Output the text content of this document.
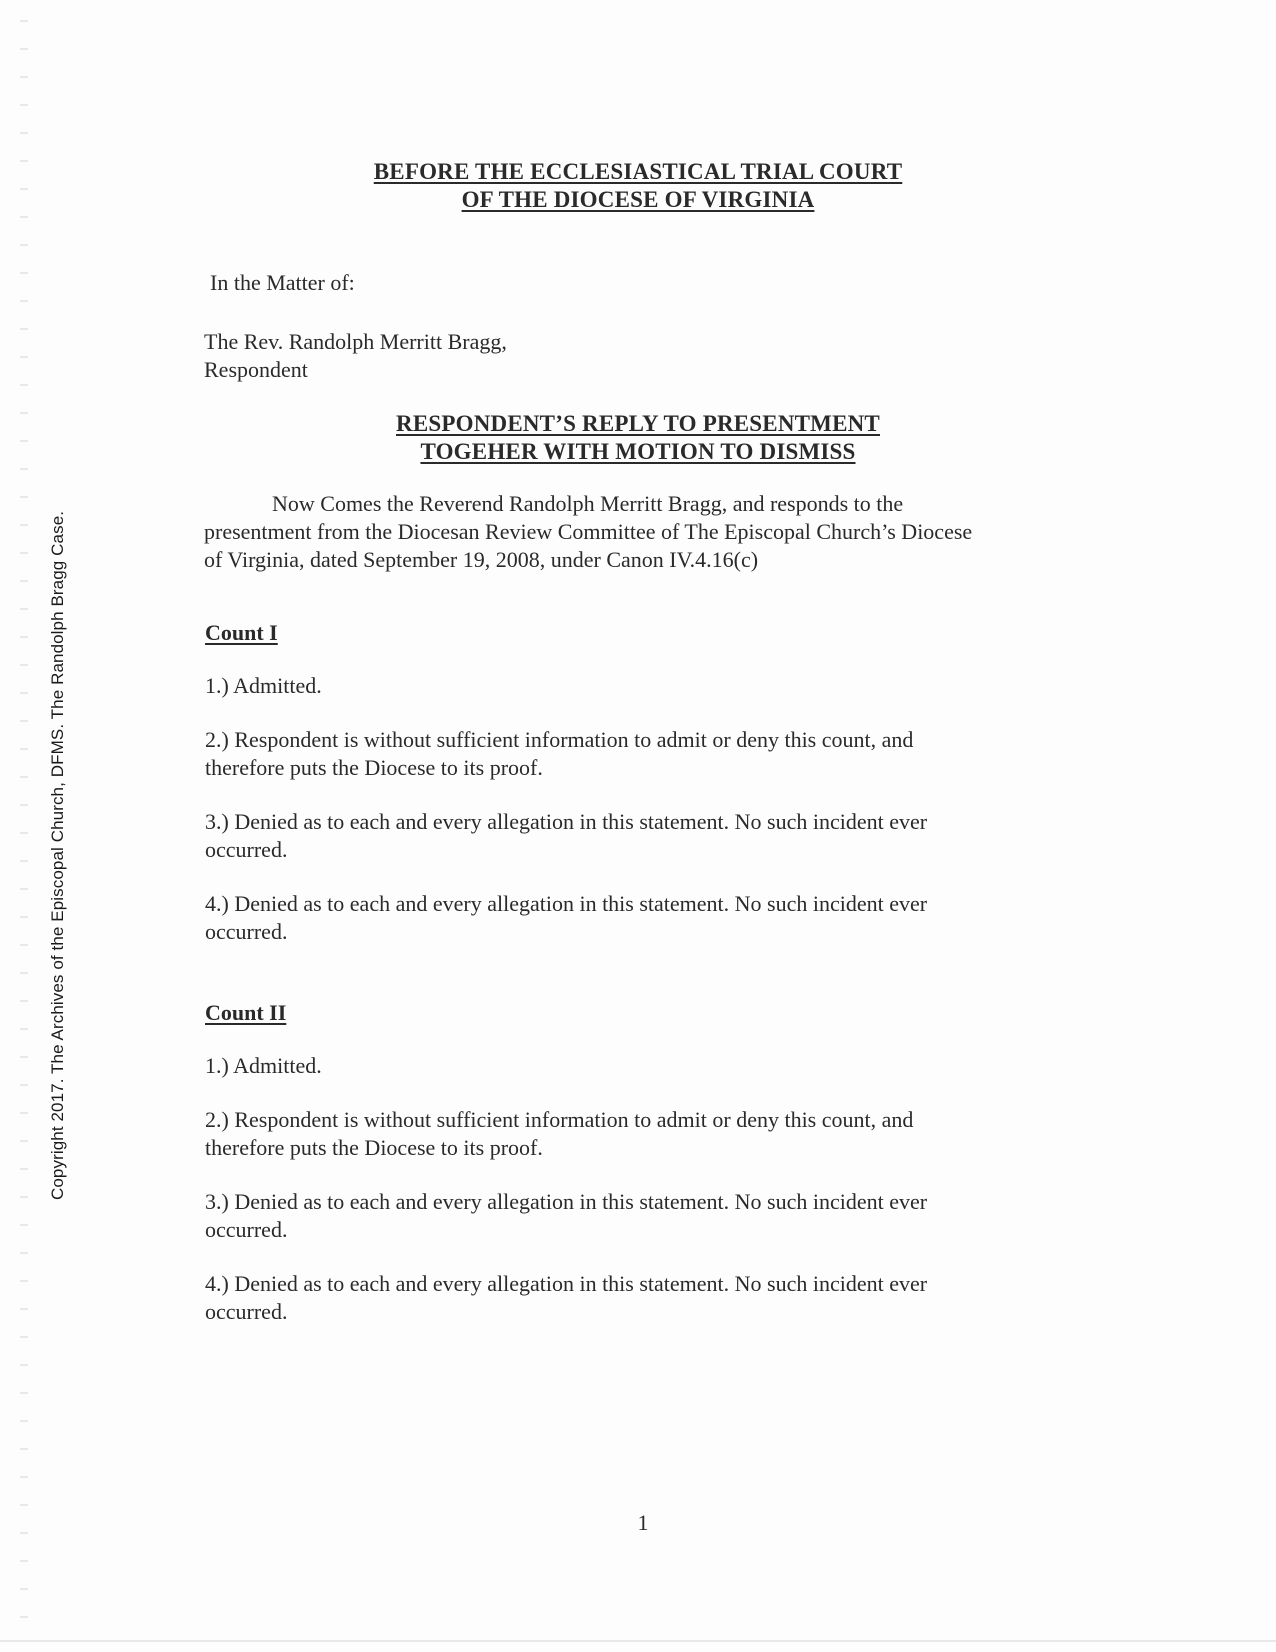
Copyright 2017. The Archives of the Episcopal Church, DFMS. The Randolph Bragg Case.
BEFORE THE ECCLESIASTICAL TRIAL COURT
OF THE DIOCESE OF VIRGINIA
In the Matter of:
The Rev. Randolph Merritt Bragg,
Respondent
RESPONDENT’S REPLY TO PRESENTMENT
TOGEHER WITH MOTION TO DISMISS
Now Comes the Reverend Randolph Merritt Bragg, and responds to the
presentment from the Diocesan Review Committee of The Episcopal Church’s Diocese
of Virginia, dated September 19, 2008, under Canon IV.4.16(c)
Count I
1.) Admitted.
2.) Respondent is without sufficient information to admit or deny this count, and
therefore puts the Diocese to its proof.
3.) Denied as to each and every allegation in this statement. No such incident ever
occurred.
4.) Denied as to each and every allegation in this statement. No such incident ever
occurred.
Count II
1.) Admitted.
2.) Respondent is without sufficient information to admit or deny this count, and
therefore puts the Diocese to its proof.
3.) Denied as to each and every allegation in this statement. No such incident ever
occurred.
4.) Denied as to each and every allegation in this statement. No such incident ever
occurred.
1
